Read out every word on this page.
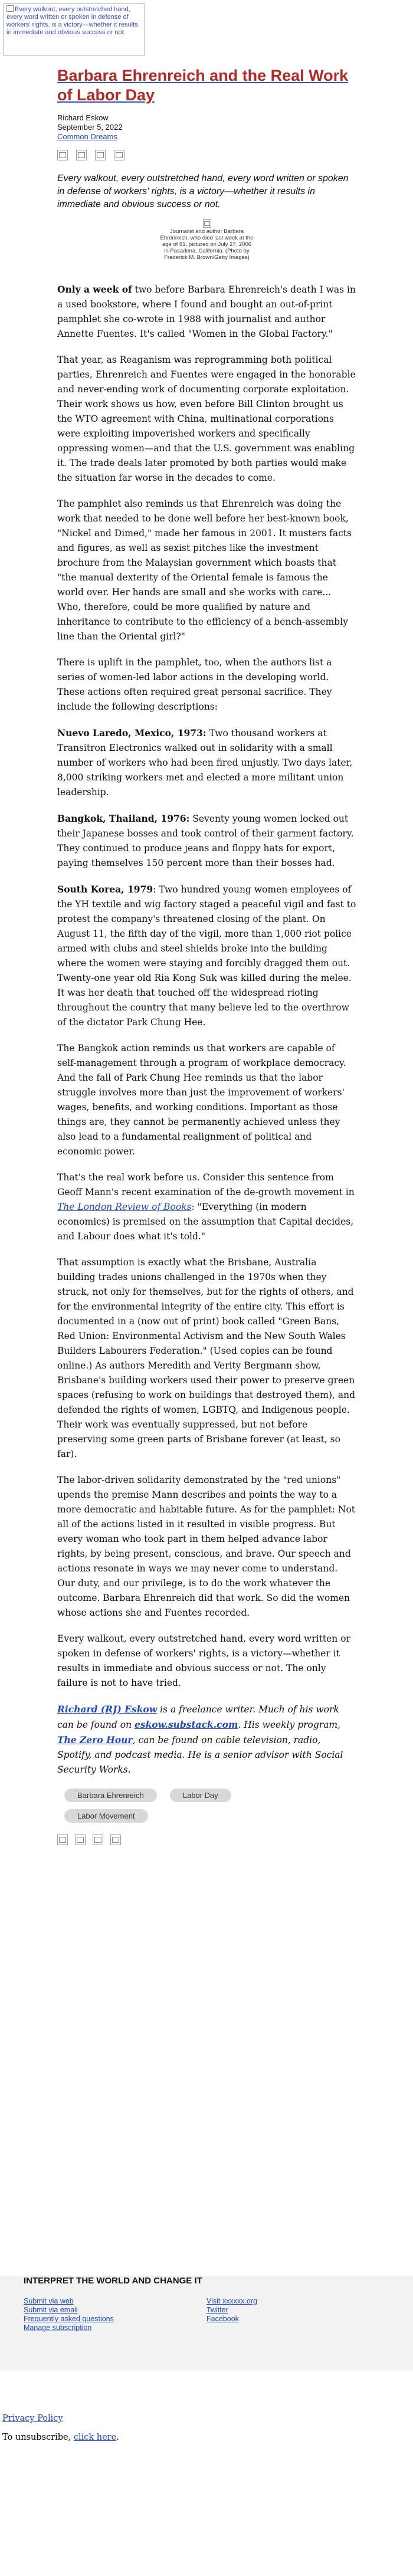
Every walkout, every outstretched hand, every word written or spoken in defense of workers' rights, is a victory—whether it results in immediate and obvious success or not.
Barbara Ehrenreich and the Real Work of Labor Day
Richard Eskow
September 5, 2022
Common Dreams

Every walkout, every outstretched hand, every word written or spoken in defense of workers' rights, is a victory—whether it results in immediate and obvious success or not.

Journalist and author Barbara Ehrenreich, who died last week at the age of 81, pictured on July 27, 2006 in Pasadena, California. (Photo by Frederick M. Brown/Getty Images)

Only a week of two before Barbara Ehrenreich's death I was in a used bookstore, where I found and bought an out-of-print pamphlet she co-wrote in 1988 with journalist and author Annette Fuentes. It's called "Women in the Global Factory."

That year, as Reaganism was reprogramming both political parties, Ehrenreich and Fuentes were engaged in the honorable and never-ending work of documenting corporate exploitation. Their work shows us how, even before Bill Clinton brought us the WTO agreement with China, multinational corporations were exploiting impoverished workers and specifically oppressing women—and that the U.S. government was enabling it. The trade deals later promoted by both parties would make the situation far worse in the decades to come.

The pamphlet also reminds us that Ehrenreich was doing the work that needed to be done well before her best-known book, "Nickel and Dimed," made her famous in 2001. It musters facts and figures, as well as sexist pitches like the investment brochure from the Malaysian government which boasts that "the manual dexterity of the Oriental female is famous the world over. Her hands are small and she works with care... Who, therefore, could be more qualified by nature and inheritance to contribute to the efficiency of a bench-assembly line than the Oriental girl?"

There is uplift in the pamphlet, too, when the authors list a series of women-led labor actions in the developing world. These actions often required great personal sacrifice. They include the following descriptions:

Nuevo Laredo, Mexico, 1973: Two thousand workers at Transitron Electronics walked out in solidarity with a small number of workers who had been fired unjustly. Two days later, 8,000 striking workers met and elected a more militant union leadership.

Bangkok, Thailand, 1976: Seventy young women locked out their Japanese bosses and took control of their garment factory. They continued to produce jeans and floppy hats for export, paying themselves 150 percent more than their bosses had.

South Korea, 1979: Two hundred young women employees of the YH textile and wig factory staged a peaceful vigil and fast to protest the company's threatened closing of the plant. On August 11, the fifth day of the vigil, more than 1,000 riot police armed with clubs and steel shields broke into the building where the women were staying and forcibly dragged them out. Twenty-one year old Ria Kong Suk was killed during the melee. It was her death that touched off the widespread rioting throughout the country that many believe led to the overthrow of the dictator Park Chung Hee.

The Bangkok action reminds us that workers are capable of self-management through a program of workplace democracy. And the fall of Park Chung Hee reminds us that the labor struggle involves more than just the improvement of workers' wages, benefits, and working conditions. Important as those things are, they cannot be permanently achieved unless they also lead to a fundamental realignment of political and economic power.

That's the real work before us. Consider this sentence from Geoff Mann's recent examination of the de-growth movement in The London Review of Books: "Everything (in modern economics) is premised on the assumption that Capital decides, and Labour does what it's told."

That assumption is exactly what the Brisbane, Australia building trades unions challenged in the 1970s when they struck, not only for themselves, but for the rights of others, and for the environmental integrity of the entire city. This effort is documented in a (now out of print) book called "Green Bans, Red Union: Environmental Activism and the New South Wales Builders Labourers Federation." (Used copies can be found online.) As authors Meredith and Verity Bergmann show, Brisbane's building workers used their power to preserve green spaces (refusing to work on buildings that destroyed them), and defended the rights of women, LGBTQ, and Indigenous people. Their work was eventually suppressed, but not before preserving some green parts of Brisbane forever (at least, so far).

The labor-driven solidarity demonstrated by the "red unions" upends the premise Mann describes and points the way to a more democratic and habitable future. As for the pamphlet: Not all of the actions listed in it resulted in visible progress. But every woman who took part in them helped advance labor rights, by being present, conscious, and brave. Our speech and actions resonate in ways we may never come to understand. Our duty, and our privilege, is to do the work whatever the outcome. Barbara Ehrenreich did that work. So did the women whose actions she and Fuentes recorded.

Every walkout, every outstretched hand, every word written or spoken in defense of workers' rights, is a victory—whether it results in immediate and obvious success or not. The only failure is not to have tried.

Richard (RJ) Eskow is a freelance writer. Much of his work can be found on eskow.substack.com. His weekly program, The Zero Hour, can be found on cable television, radio, Spotify, and podcast media. He is a senior advisor with Social Security Works.

Barbara Ehrenreich	Labor Day
Labor Movement
INTERPRET THE WORLD AND CHANGE IT
Submit via web
Submit via email
Frequently asked questions
Manage subscription
Visit xxxxxx.org
Twitter
Facebook
Privacy Policy
To unsubscribe, click here.
